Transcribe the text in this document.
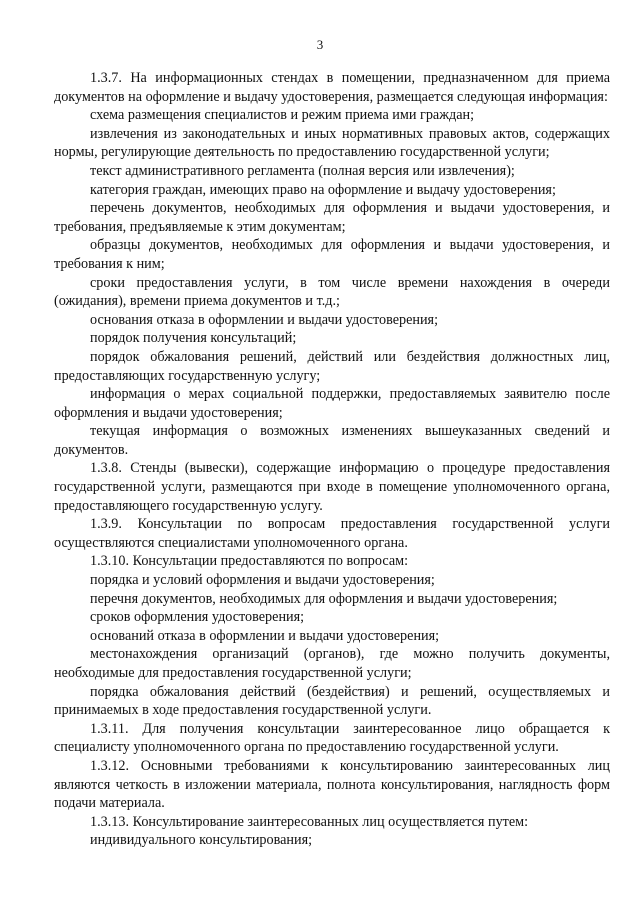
3

1.3.7. На информационных стендах в помещении, предназначенном для приема документов на оформление и выдачу удостоверения, размещается следующая информация:

схема размещения специалистов и режим приема ими граждан;

извлечения из законодательных и иных нормативных правовых актов, содержащих нормы, регулирующие деятельность по предоставлению государственной услуги;

текст административного регламента (полная версия или извлечения);

категория граждан, имеющих право на оформление и выдачу удостоверения;

перечень документов, необходимых для оформления и выдачи удостоверения, и требования, предъявляемые к этим документам;

образцы документов, необходимых для оформления и выдачи удостоверения, и требования к ним;

сроки предоставления услуги, в том числе времени нахождения в очереди (ожидания), времени приема документов и т.д.;

основания отказа в оформлении и выдачи удостоверения;

порядок получения консультаций;

порядок обжалования решений, действий или бездействия должностных лиц, предоставляющих государственную услугу;

информация о мерах социальной поддержки, предоставляемых заявителю после оформления и выдачи удостоверения;

текущая информация о возможных изменениях вышеуказанных сведений и документов.

1.3.8. Стенды (вывески), содержащие информацию о процедуре предоставления государственной услуги, размещаются при входе в помещение уполномоченного органа, предоставляющего государственную услугу.

1.3.9. Консультации по вопросам предоставления государственной услуги осуществляются специалистами уполномоченного органа.

1.3.10. Консультации предоставляются по вопросам:

порядка и условий оформления и выдачи удостоверения;

перечня документов, необходимых для оформления и выдачи удостоверения;

сроков оформления удостоверения;

оснований отказа в оформлении и выдачи удостоверения;

местонахождения организаций (органов), где можно получить документы, необходимые для предоставления государственной услуги;

порядка обжалования действий (бездействия) и решений, осуществляемых и принимаемых в ходе предоставления государственной услуги.

1.3.11. Для получения консультации заинтересованное лицо обращается к специалисту уполномоченного органа по предоставлению государственной услуги.

1.3.12. Основными требованиями к консультированию заинтересованных лиц являются четкость в изложении материала, полнота консультирования, наглядность форм подачи материала.

1.3.13. Консультирование заинтересованных лиц осуществляется путем:

индивидуального консультирования;
